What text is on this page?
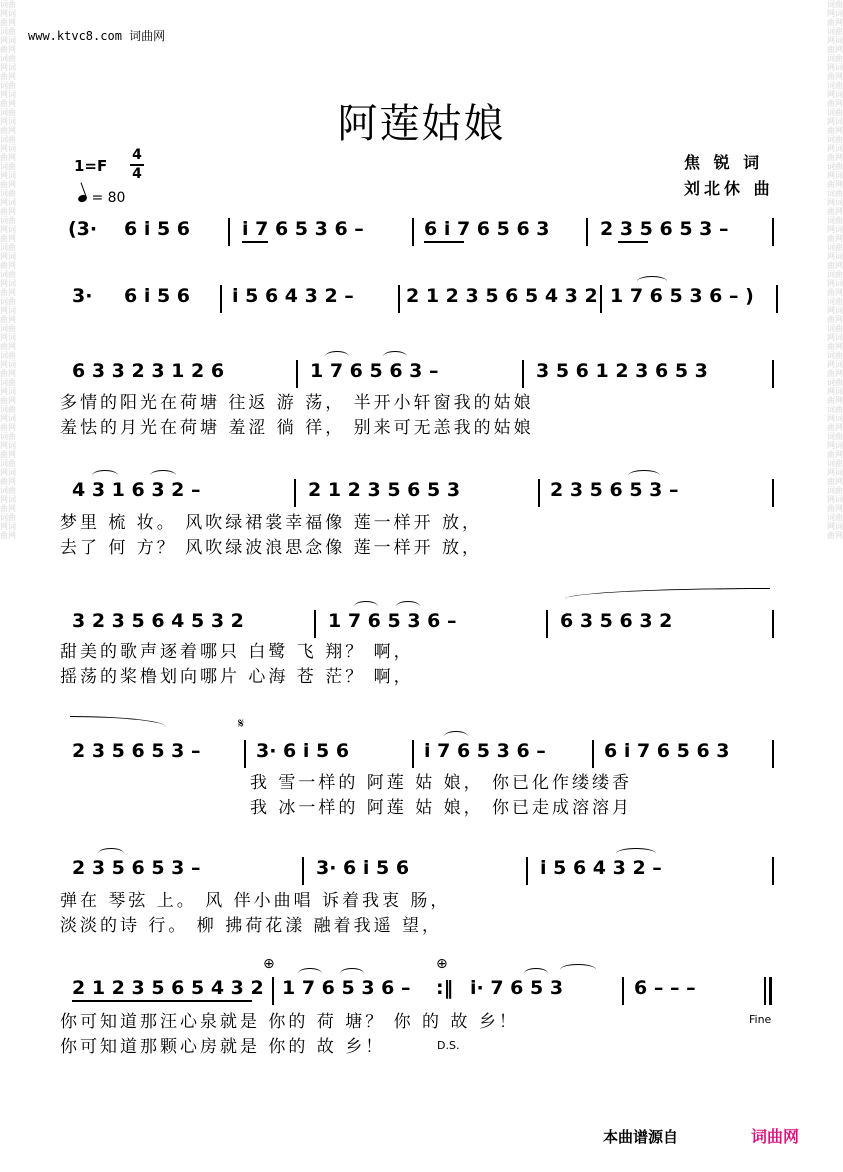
词曲网词曲网词曲网词曲网词曲网词曲网词曲网词曲网词曲网词曲网词曲网词曲网词曲网词曲网词曲网词曲网词曲网词曲网词曲网词曲网词曲网词曲网词曲网词曲网词曲网词曲网词曲网词曲网词曲网词曲网词曲网词曲网词曲网词曲网词曲网词曲网词曲网词曲网词曲网词曲网
词曲网词曲网词曲网词曲网词曲网词曲网词曲网词曲网词曲网词曲网词曲网词曲网词曲网词曲网词曲网词曲网词曲网词曲网词曲网词曲网词曲网词曲网词曲网词曲网词曲网词曲网词曲网词曲网词曲网词曲网词曲网词曲网词曲网词曲网词曲网词曲网词曲网词曲网词曲网词曲网
www.ktvc8.com 词曲网
阿莲姑娘
1=F
4
4
= 80
焦 锐 词
刘北休 曲
(3· 6 i 5 6	i 7 6 5 3 6 –	6 i 7 6 5 6 3	2 3 5 6 5 3 –
3· 6 i 5 6 i 5 6 4 3 2 –	2 1 2 3 5 6 5 4 3 2 1 7 6 5 3 6 – )
6 3 3 2 3 1 2 6	1 7 6 5 6 3 –	3 5 6 1 2 3 6 5 3
多情的阳光在荷塘 往返 游 荡， 半开小轩窗我的姑娘
羞怯的月光在荷塘 羞涩 徜 徉， 别来可无恙我的姑娘
4 3 1 6 3 2 –	2 1 2 3 5 6 5 3	2 3 5 6 5 3 –
梦里 梳 妆。 风吹绿裙裳幸福像 莲一样开 放，
去了 何 方？ 风吹绿波浪思念像 莲一样开 放，
3 2 3 5 6 4 5 3 2	1 7 6 5 3 6 –	6 3 5 6 3 2
甜美的歌声逐着哪只 白鹭 飞 翔？ 啊，
摇荡的桨橹划向哪片 心海 苍 茫？ 啊，
𝄋
2 3 5 6 5 3 –	3· 6 i 5 6	i 7 6 5 3 6 –	6 i 7 6 5 6 3
我 雪一样的 阿莲 姑 娘， 你已化作缕缕香
我 冰一样的 阿莲 姑 娘， 你已走成溶溶月
2 3 5 6 5 3 –	3· 6 i 5 6	i 5 6 4 3 2 –
弹在 琴弦 上。 风 伴小曲唱 诉着我衷 肠，
淡淡的诗 行。 柳 拂荷花漾 融着我遥 望，
⊕	⊕
2 1 2 3 5 6 5 4 3 2 1 7 6 5 3 6 – :‖ i· 7 6 5 3	6 – – –
你可知道那汪心泉就是 你的 荷 塘？ 你 的 故 乡！
你可知道那颗心房就是 你的 故 乡！
Fine
D.S.
本曲谱源自	词曲网
